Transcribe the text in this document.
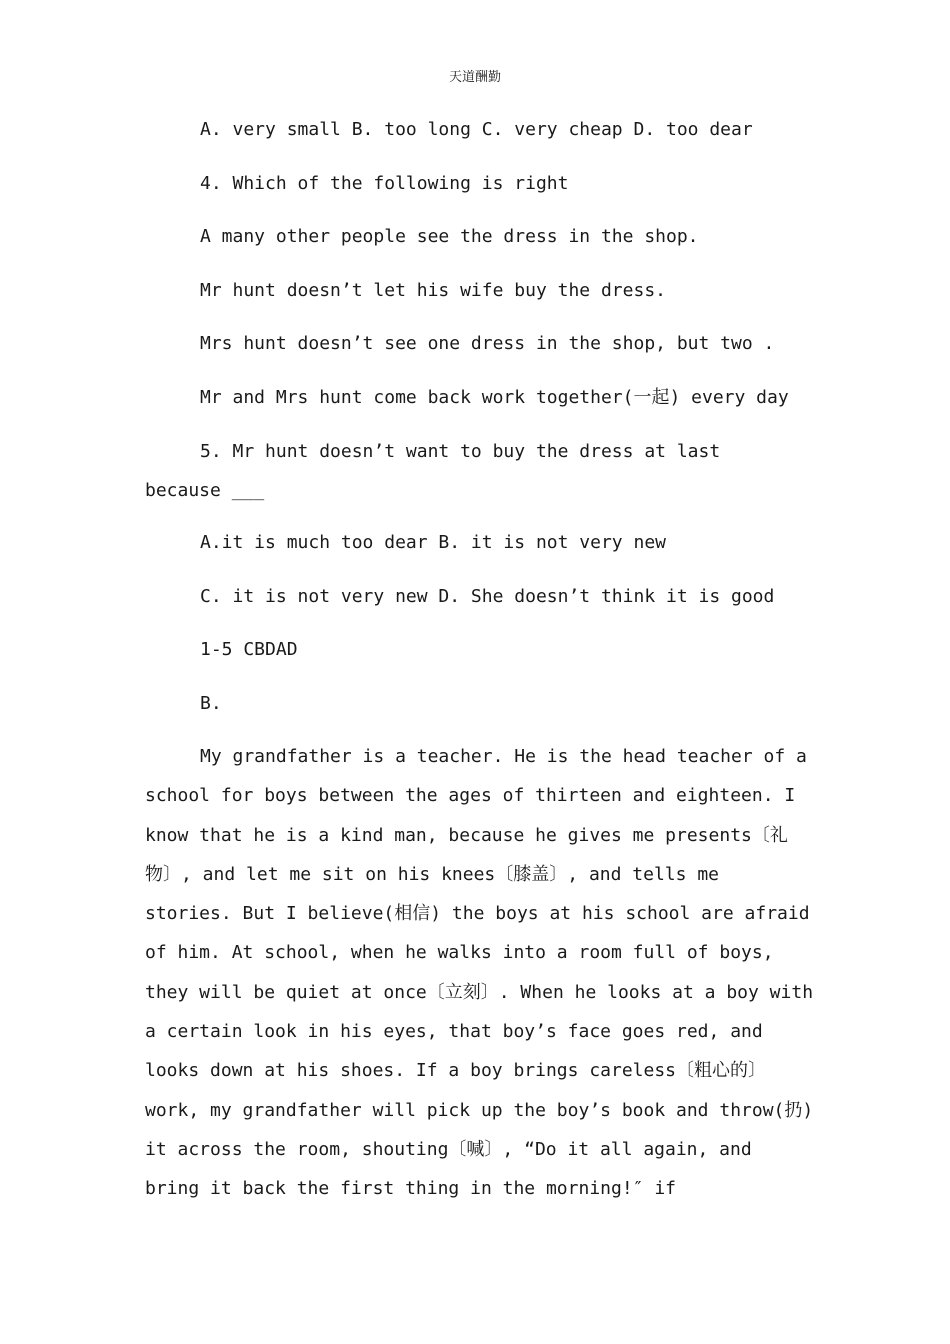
天道酬勤
A. very small B. too long C. very cheap D. too dear
4. Which of the following is right
A many other people see the dress in the shop.
Mr hunt doesn’t let his wife buy the dress.
Mrs hunt doesn’t see one dress in the shop, but two .
Mr and Mrs hunt come back work together(一起) every day
5. Mr hunt doesn’t want to buy the dress at last
because ___
A.it is much too dear B. it is not very new
C. it is not very new D. She doesn’t think it is good
1-5 CBDAD
B.
My grandfather is a teacher. He is the head teacher of a school for boys between the ages of thirteen and eighteen. I know that he is a kind man, because he gives me presents〔礼物〕, and let me sit on his knees〔膝盖〕, and tells me stories. But I believe(相信) the boys at his school are afraid of him. At school, when he walks into a room full of boys, they will be quiet at once〔立刻〕. When he looks at a boy with a certain look in his eyes, that boy’s face goes red, and looks down at his shoes. If a boy brings careless〔粗心的〕 work, my grandfather will pick up the boy’s book and throw(扔) it across the room, shouting〔喊〕, “Do it all again, and bring it back the first thing in the morning!″ if
